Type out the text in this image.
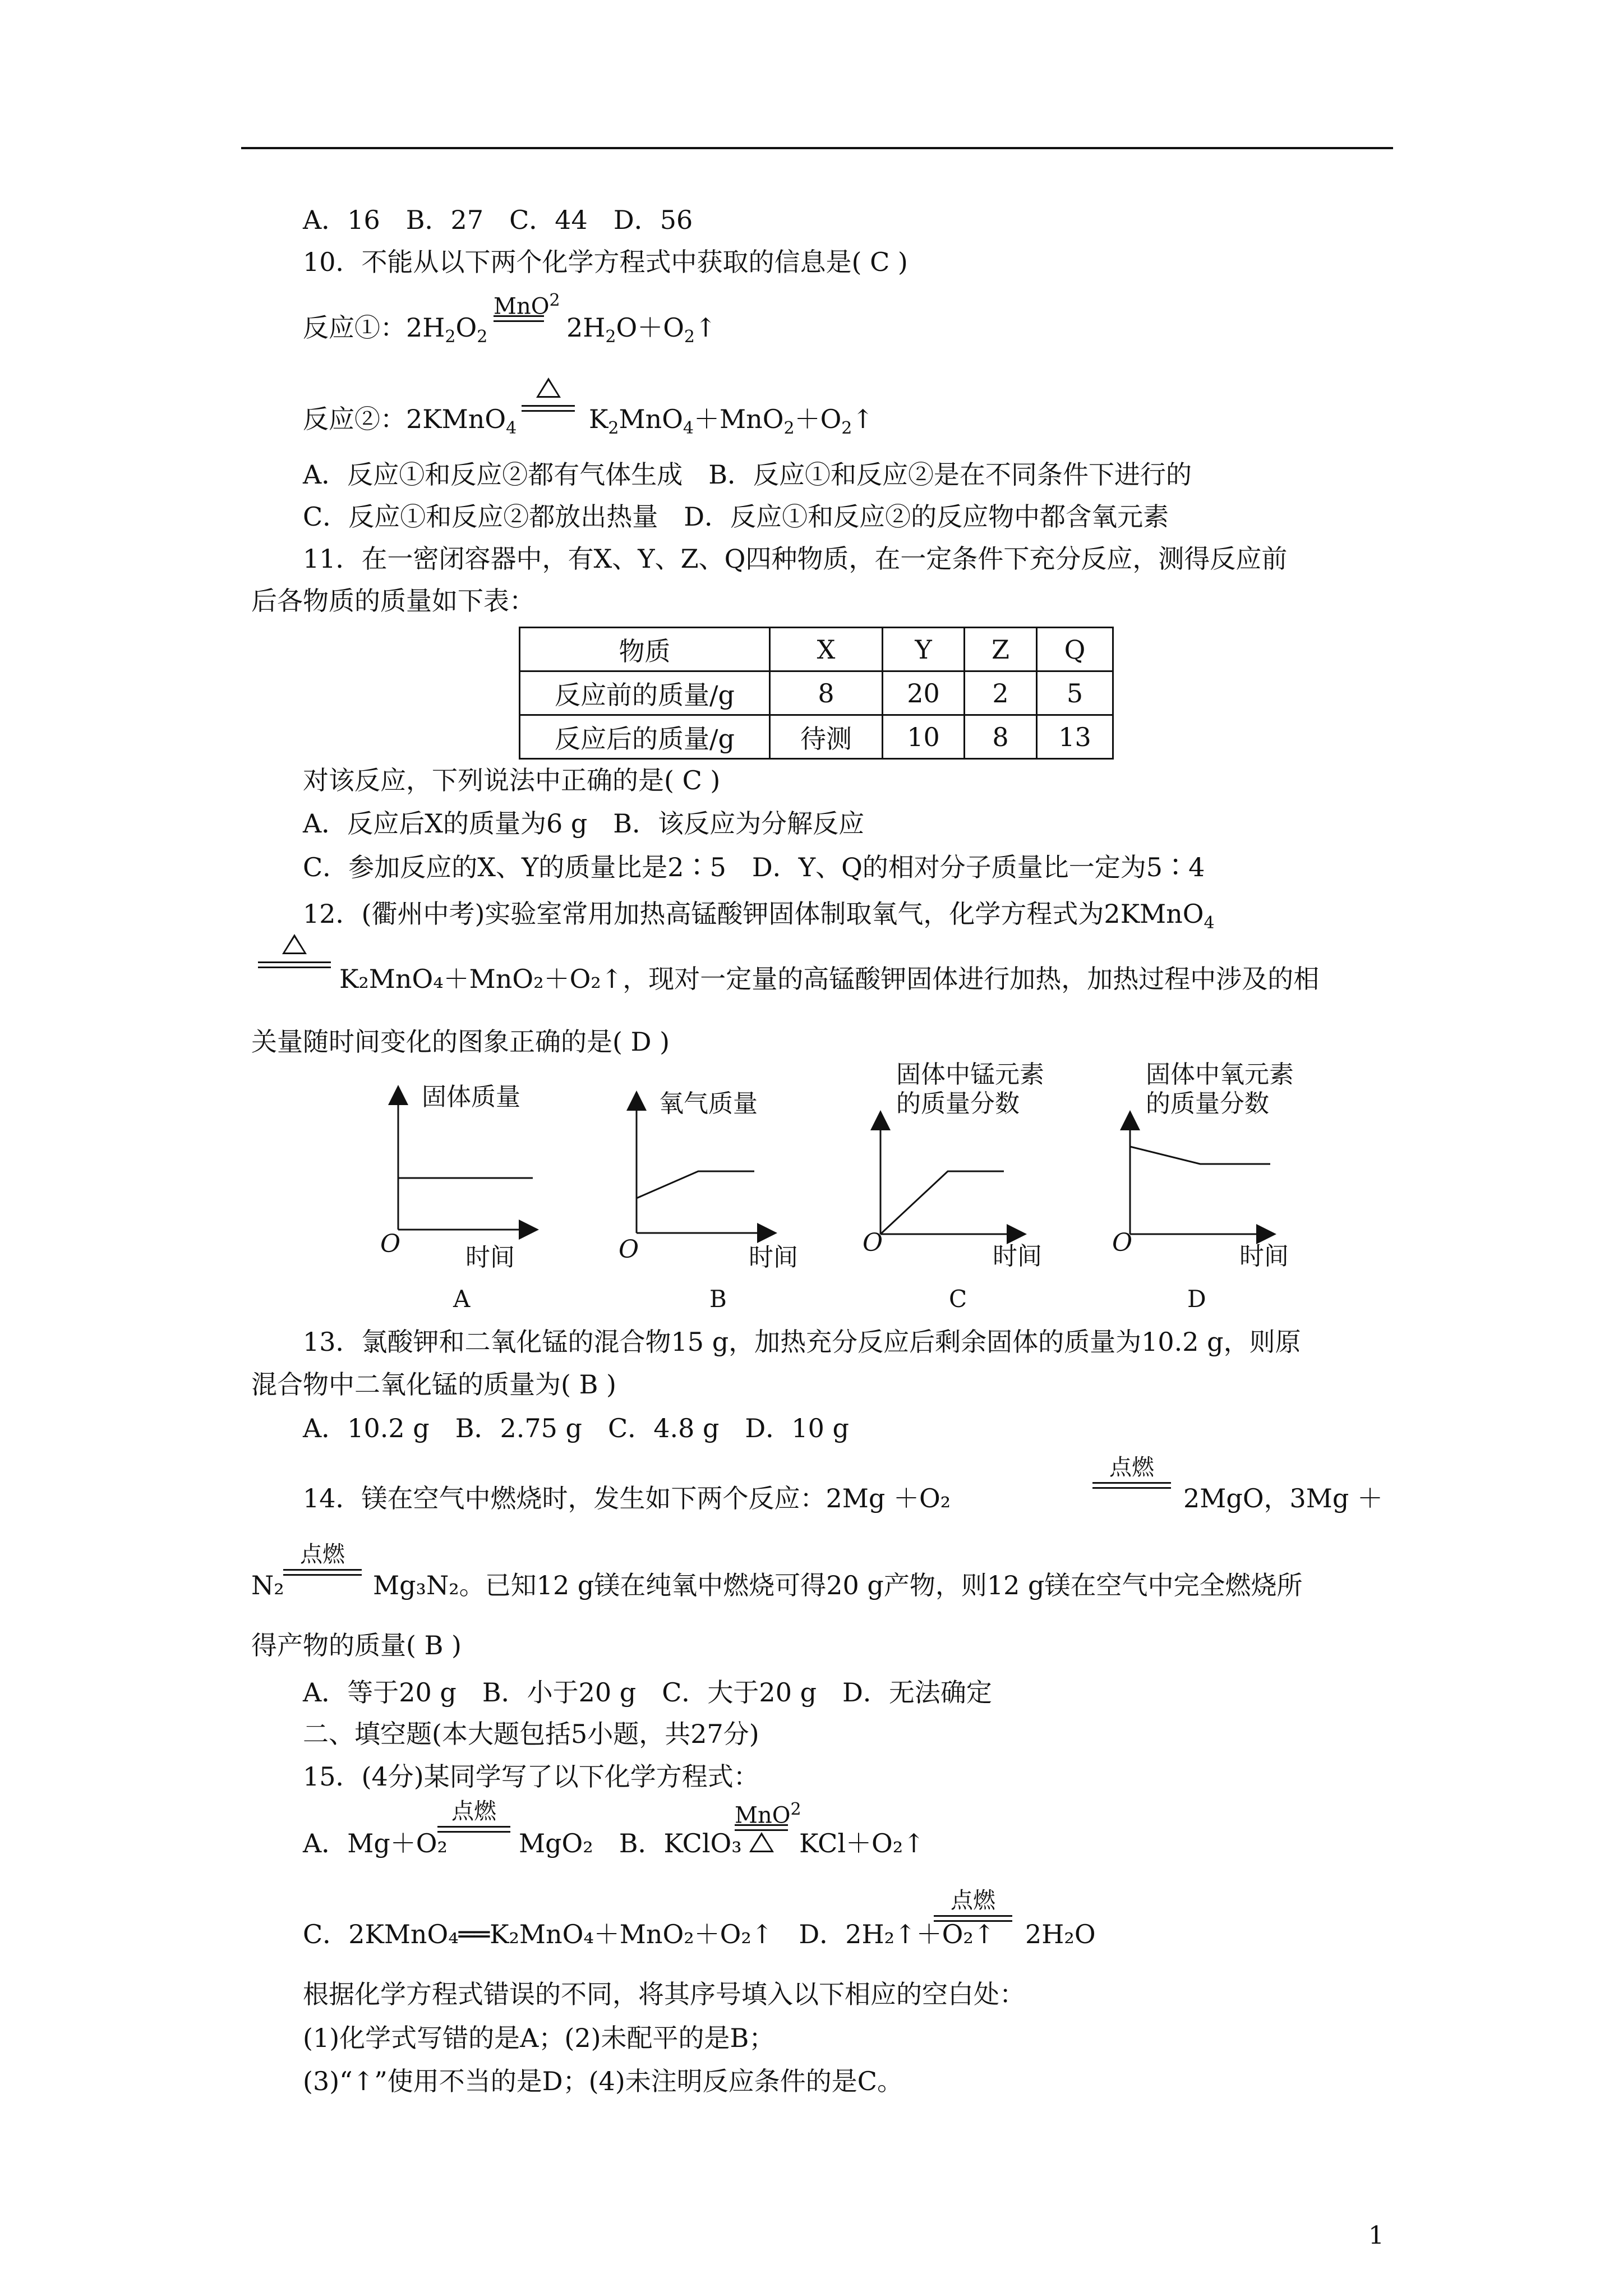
A．16　B．27　C．44　D．56
10．不能从以下两个化学方程式中获取的信息是( C )
反应①：$2H_2O_2$
MnO$^2$
$2H_2O+O_2↑$
反应②：2KMnO$_4$	$K_2MnO_4+MnO_2+O_2↑$
A．反应①和反应②都有气体生成　B．反应①和反应②是在不同条件下进行的
C．反应①和反应②都放出热量　D．反应①和反应②的反应物中都含氧元素
11．在一密闭容器中，有X、Y、Z、Q四种物质，在一定条件下充分反应，测得反应前
后各物质的质量如下表：
物质	X	Y	Z	Q
反应前的质量/g	8	20	2	5
反应后的质量/g	待测	10	8	13
对该反应，下列说法中正确的是( C )
A．反应后X的质量为6 g　B．该反应为分解反应
C．参加反应的X、Y的质量比是2∶5　D．Y、Q的相对分子质量比一定为5∶4
12．(衢州中考)实验室常用加热高锰酸钾固体制取氧气，化学方程式为2KMnO$_4$
K₂MnO₄＋MnO₂＋O₂↑，现对一定量的高锰酸钾固体进行加热，加热过程中涉及的相
关量随时间变化的图象正确的是( D )
固体质量
O	时间
A
氧气质量
O	时间
B
固体中锰元素
的质量分数
O	时间
C
固体中氧元素
的质量分数
O	时间
D
13．氯酸钾和二氧化锰的混合物15 g，加热充分反应后剩余固体的质量为10.2 g，则原
混合物中二氧化锰的质量为( B )
A．10.2 g　B．2.75 g　C．4.8 g　D．10 g
14．镁在空气中燃烧时，发生如下两个反应：2Mg ＋O₂
点燃
2MgO，3Mg ＋
N₂
点燃
Mg₃N₂。已知12 g镁在纯氧中燃烧可得20 g产物，则12 g镁在空气中完全燃烧所
得产物的质量( B )
A．等于20 g　B．小于20 g　C．大于20 g　D．无法确定
二、填空题(本大题包括5小题，共27分)
15．(4分)某同学写了以下化学方程式：
A．Mg＋O₂
点燃
MgO₂　B．KClO₃
MnO$^2$
KCl＋O₂↑
C．2KMnO₄══K₂MnO₄＋MnO₂＋O₂↑　D．2H₂↑＋O₂↑
点燃
2H₂O
根据化学方程式错误的不同，将其序号填入以下相应的空白处：
(1)化学式写错的是A；(2)未配平的是B；
(3)“↑”使用不当的是D；(4)未注明反应条件的是C。
1
